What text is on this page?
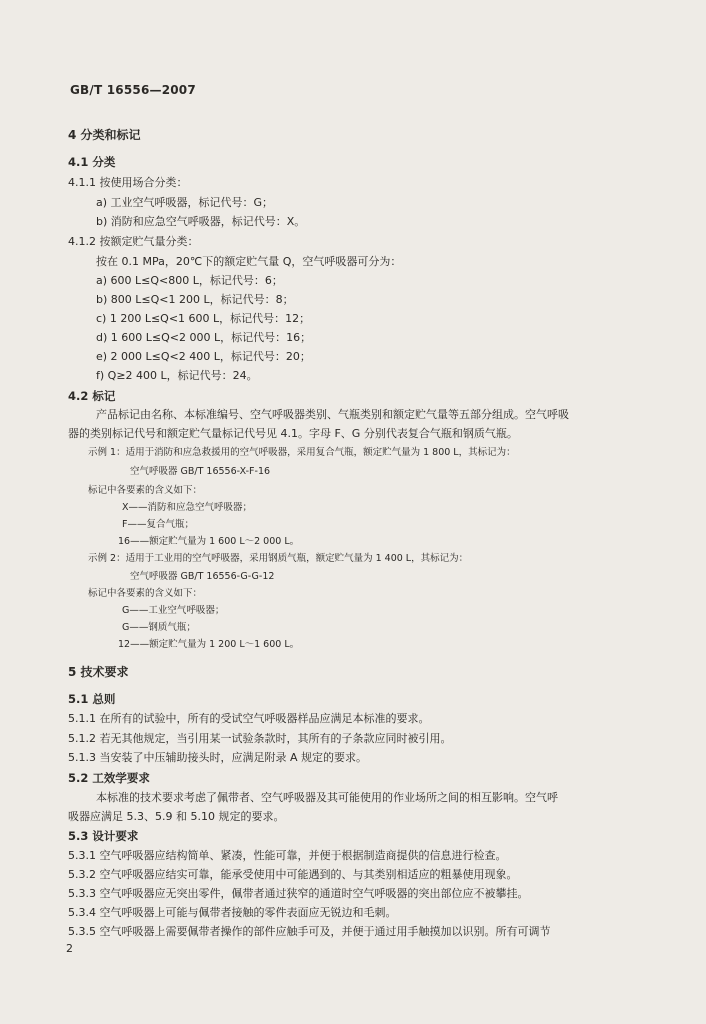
GB/T 16556—2007
4 分类和标记
4.1 分类
4.1.1 按使用场合分类：
a) 工业空气呼吸器，标记代号：G；
b) 消防和应急空气呼吸器，标记代号：X。
4.1.2 按额定贮气量分类：
按在 0.1 MPa，20℃下的额定贮气量 Q，空气呼吸器可分为：
a) 600 L≤Q<800 L，标记代号：6；
b) 800 L≤Q<1 200 L，标记代号：8；
c) 1 200 L≤Q<1 600 L，标记代号：12；
d) 1 600 L≤Q<2 000 L，标记代号：16；
e) 2 000 L≤Q<2 400 L，标记代号：20；
f) Q≥2 400 L，标记代号：24。
4.2 标记
产品标记由名称、本标准编号、空气呼吸器类别、气瓶类别和额定贮气量等五部分组成。空气呼吸
器的类别标记代号和额定贮气量标记代号见 4.1。字母 F、G 分别代表复合气瓶和钢质气瓶。
示例 1：适用于消防和应急救援用的空气呼吸器，采用复合气瓶，额定贮气量为 1 800 L，其标记为：
空气呼吸器 GB/T 16556-X-F-16
标记中各要素的含义如下：
X——消防和应急空气呼吸器；
F——复合气瓶；
16——额定贮气量为 1 600 L～2 000 L。
示例 2：适用于工业用的空气呼吸器，采用钢质气瓶，额定贮气量为 1 400 L，其标记为：
空气呼吸器 GB/T 16556-G-G-12
标记中各要素的含义如下：
G——工业空气呼吸器；
G——钢质气瓶；
12——额定贮气量为 1 200 L～1 600 L。
5 技术要求
5.1 总则
5.1.1 在所有的试验中，所有的受试空气呼吸器样品应满足本标准的要求。
5.1.2 若无其他规定，当引用某一试验条款时，其所有的子条款应同时被引用。
5.1.3 当安装了中压辅助接头时，应满足附录 A 规定的要求。
5.2 工效学要求
本标准的技术要求考虑了佩带者、空气呼吸器及其可能使用的作业场所之间的相互影响。空气呼
吸器应满足 5.3、5.9 和 5.10 规定的要求。
5.3 设计要求
5.3.1 空气呼吸器应结构简单、紧凑，性能可靠，并便于根据制造商提供的信息进行检查。
5.3.2 空气呼吸器应结实可靠，能承受使用中可能遇到的、与其类别相适应的粗暴使用现象。
5.3.3 空气呼吸器应无突出零件，佩带者通过狭窄的通道时空气呼吸器的突出部位应不被攀挂。
5.3.4 空气呼吸器上可能与佩带者接触的零件表面应无锐边和毛刺。
5.3.5 空气呼吸器上需要佩带者操作的部件应触手可及，并便于通过用手触摸加以识别。所有可调节
2
